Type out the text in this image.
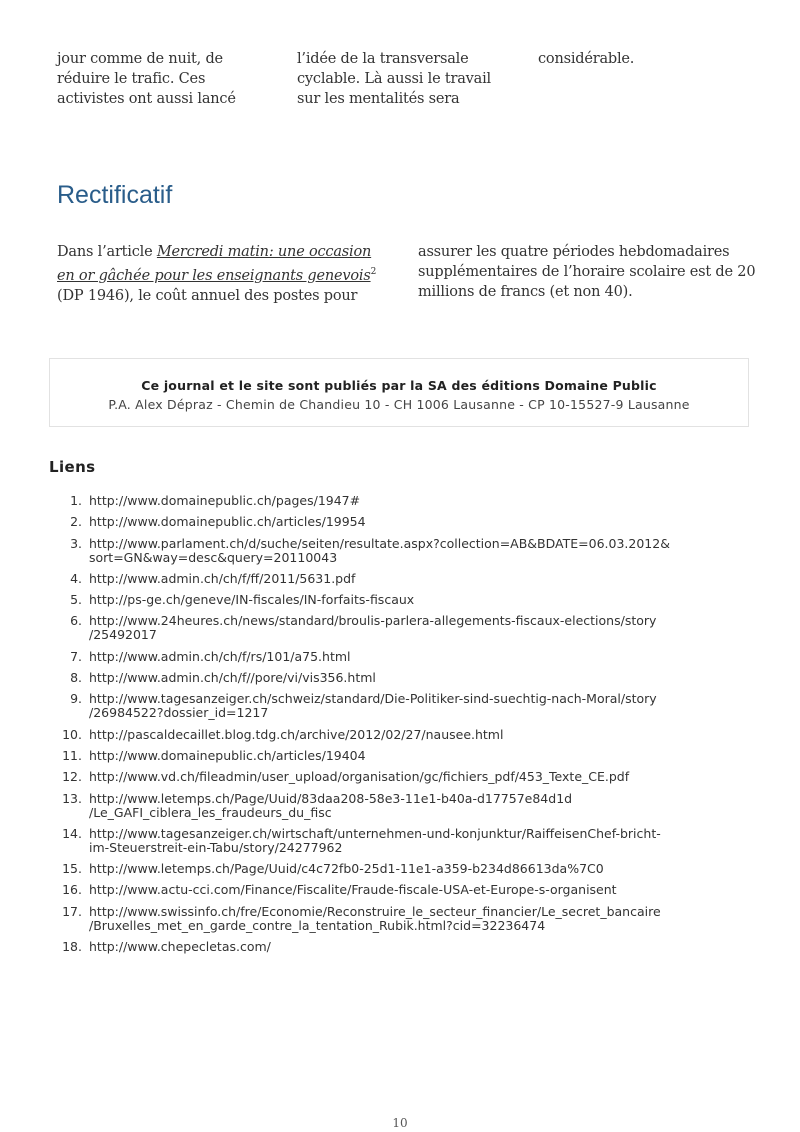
jour comme de nuit, de
réduire le trafic. Ces
activistes ont aussi lancé
l’idée de la transversale
cyclable. Là aussi le travail
sur les mentalités sera
considérable.
Rectificatif
Dans l’article Mercredi matin: une occasion en or gâchée pour les enseignants genevois$^2$ (DP 1946), le coût annuel des postes pour
assurer les quatre périodes hebdomadaires supplémentaires de l’horaire scolaire est de 20 millions de francs (et non 40).
Ce journal et le site sont publiés par la SA des éditions Domaine Public
P.A. Alex Dépraz - Chemin de Chandieu 10 - CH 1006 Lausanne - CP 10-15527-9 Lausanne
Liens
1. http://www.domainepublic.ch/pages/1947#
2. http://www.domainepublic.ch/articles/19954
3. http://www.parlament.ch/d/suche/seiten/resultate.aspx?collection=AB&BDATE=06.03.2012&
sort=GN&way=desc&query=20110043
4. http://www.admin.ch/ch/f/ff/2011/5631.pdf
5. http://ps-ge.ch/geneve/IN-fiscales/IN-forfaits-fiscaux
6. http://www.24heures.ch/news/standard/broulis-parlera-allegements-fiscaux-elections/story
/25492017
7. http://www.admin.ch/ch/f/rs/101/a75.html
8. http://www.admin.ch/ch/f//pore/vi/vis356.html
9. http://www.tagesanzeiger.ch/schweiz/standard/Die-Politiker-sind-suechtig-nach-Moral/story
/26984522?dossier_id=1217
10. http://pascaldecaillet.blog.tdg.ch/archive/2012/02/27/nausee.html
11. http://www.domainepublic.ch/articles/19404
12. http://www.vd.ch/fileadmin/user_upload/organisation/gc/fichiers_pdf/453_Texte_CE.pdf
13. http://www.letemps.ch/Page/Uuid/83daa208-58e3-11e1-b40a-d17757e84d1d
/Le_GAFI_ciblera_les_fraudeurs_du_fisc
14. http://www.tagesanzeiger.ch/wirtschaft/unternehmen-und-konjunktur/RaiffeisenChef-bricht-
im-Steuerstreit-ein-Tabu/story/24277962
15. http://www.letemps.ch/Page/Uuid/c4c72fb0-25d1-11e1-a359-b234d86613da%7C0
16. http://www.actu-cci.com/Finance/Fiscalite/Fraude-fiscale-USA-et-Europe-s-organisent
17. http://www.swissinfo.ch/fre/Economie/Reconstruire_le_secteur_financier/Le_secret_bancaire
/Bruxelles_met_en_garde_contre_la_tentation_Rubik.html?cid=32236474
18. http://www.chepecletas.com/
10
